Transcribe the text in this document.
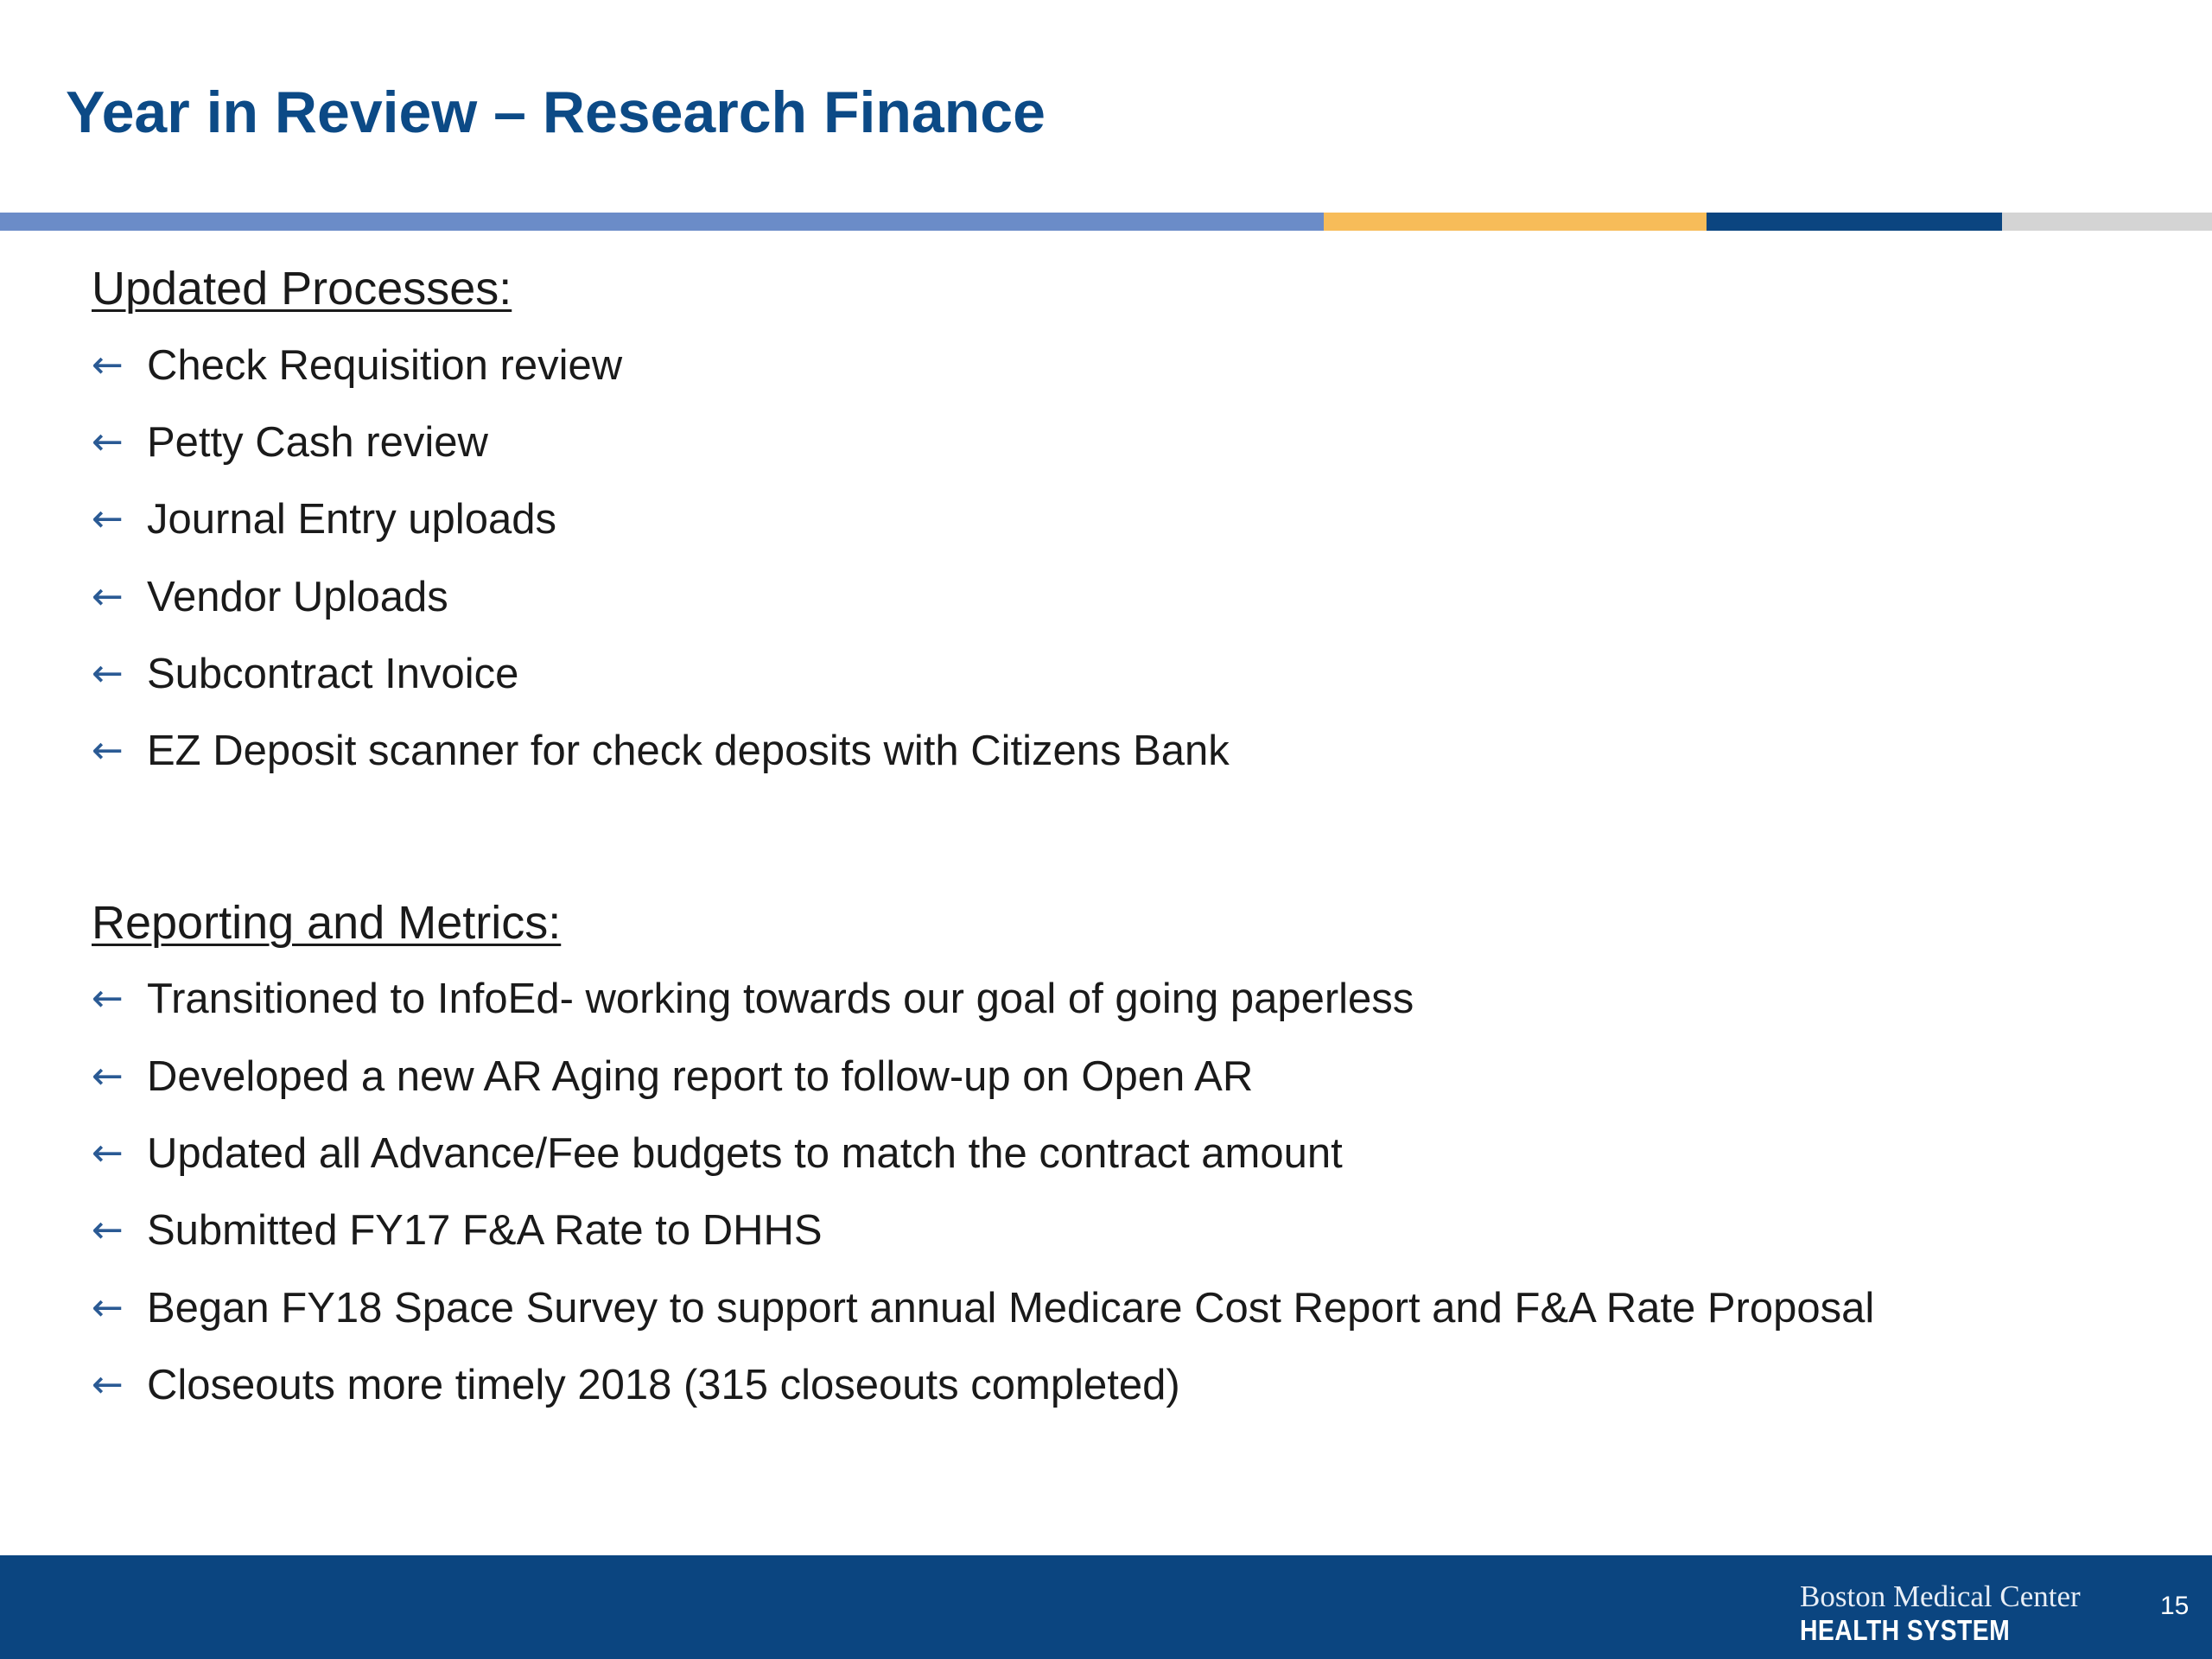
Year in Review – Research Finance
Updated Processes:
← Check Requisition review
← Petty Cash review
← Journal Entry uploads
← Vendor Uploads
← Subcontract Invoice
← EZ Deposit scanner for check deposits with Citizens Bank
Reporting and Metrics:
← Transitioned to InfoEd- working towards our goal of going paperless
← Developed a new AR Aging report to follow-up on Open AR
← Updated all Advance/Fee budgets to match the contract amount
← Submitted FY17 F&A Rate to DHHS
← Began FY18 Space Survey to support annual Medicare Cost Report and F&A Rate Proposal
← Closeouts more timely 2018 (315 closeouts completed)
Boston Medical Center
HEALTH SYSTEM
15
